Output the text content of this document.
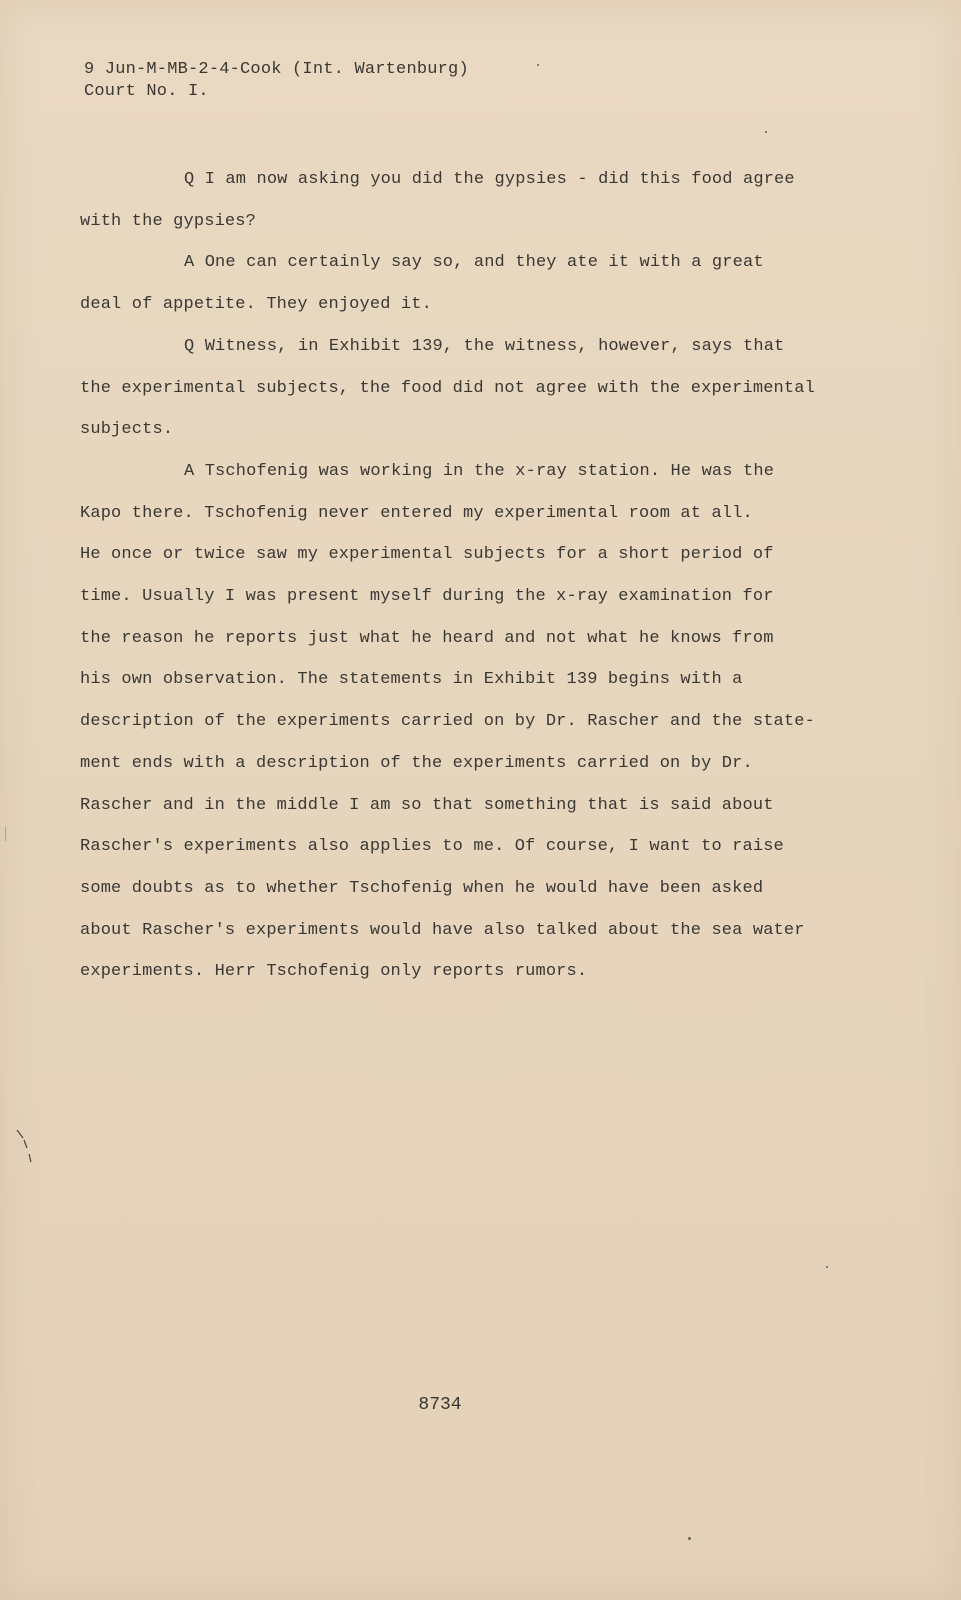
9 Jun-M-MB-2-4-Cook (Int. Wartenburg)
Court No. I.
Q I am now asking you did the gypsies - did this food agree
with the gypsies?
A One can certainly say so, and they ate it with a great
deal of appetite. They enjoyed it.
Q Witness, in Exhibit 139, the witness, however, says that
the experimental subjects, the food did not agree with the experimental
subjects.
A Tschofenig was working in the x-ray station. He was the
Kapo there. Tschofenig never entered my experimental room at all.
He once or twice saw my experimental subjects for a short period of
time. Usually I was present myself during the x-ray examination for
the reason he reports just what he heard and not what he knows from
his own observation. The statements in Exhibit 139 begins with a
description of the experiments carried on by Dr. Rascher and the state-
ment ends with a description of the experiments carried on by Dr.
Rascher and in the middle I am so that something that is said about
Rascher's experiments also applies to me. Of course, I want to raise
some doubts as to whether Tschofenig when he would have been asked
about Rascher's experiments would have also talked about the sea water
experiments. Herr Tschofenig only reports rumors.
8734
